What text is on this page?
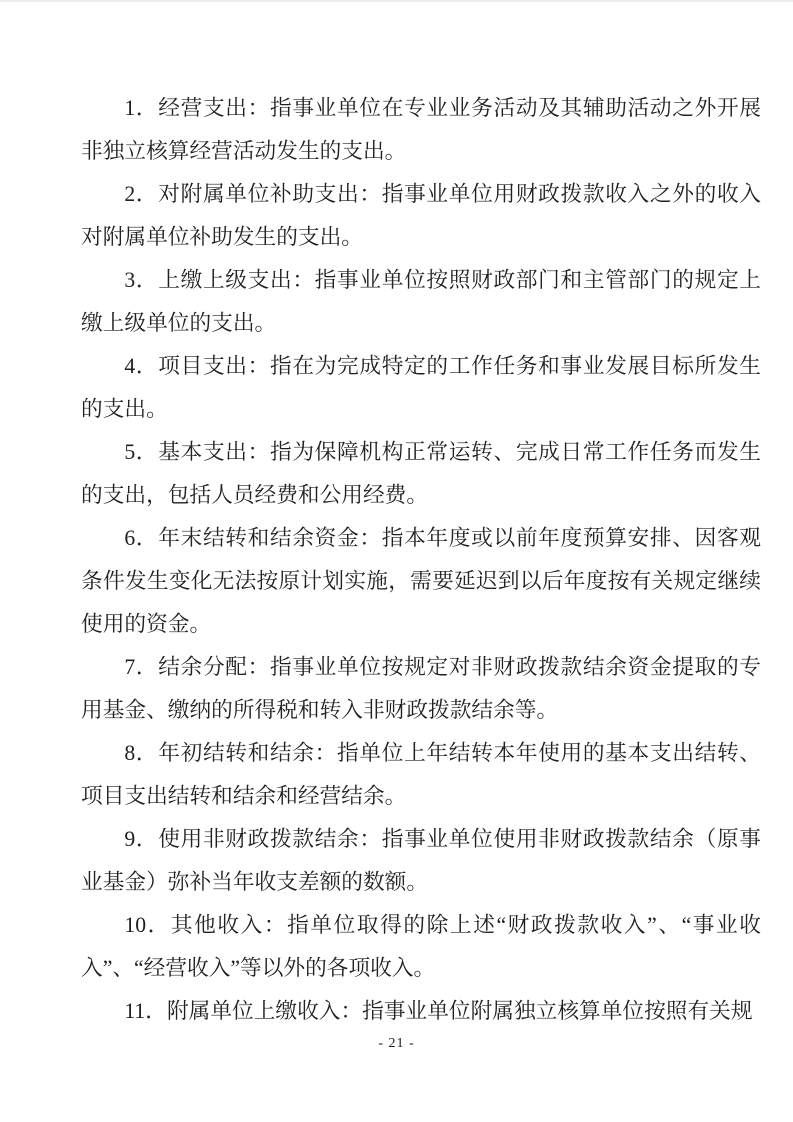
1．经营支出：指事业单位在专业业务活动及其辅助活动之外开展非独立核算经营活动发生的支出。

2．对附属单位补助支出：指事业单位用财政拨款收入之外的收入对附属单位补助发生的支出。

3．上缴上级支出：指事业单位按照财政部门和主管部门的规定上缴上级单位的支出。

4．项目支出：指在为完成特定的工作任务和事业发展目标所发生的支出。

5．基本支出：指为保障机构正常运转、完成日常工作任务而发生的支出，包括人员经费和公用经费。

6．年末结转和结余资金：指本年度或以前年度预算安排、因客观条件发生变化无法按原计划实施，需要延迟到以后年度按有关规定继续使用的资金。

7．结余分配：指事业单位按规定对非财政拨款结余资金提取的专用基金、缴纳的所得税和转入非财政拨款结余等。

8．年初结转和结余：指单位上年结转本年使用的基本支出结转、项目支出结转和结余和经营结余。

9．使用非财政拨款结余：指事业单位使用非财政拨款结余（原事业基金）弥补当年收支差额的数额。

10．其他收入：指单位取得的除上述“财政拨款收入”、“事业收入”、“经营收入”等以外的各项收入。

11．附属单位上缴收入：指事业单位附属独立核算单位按照有关规

- 21 -
